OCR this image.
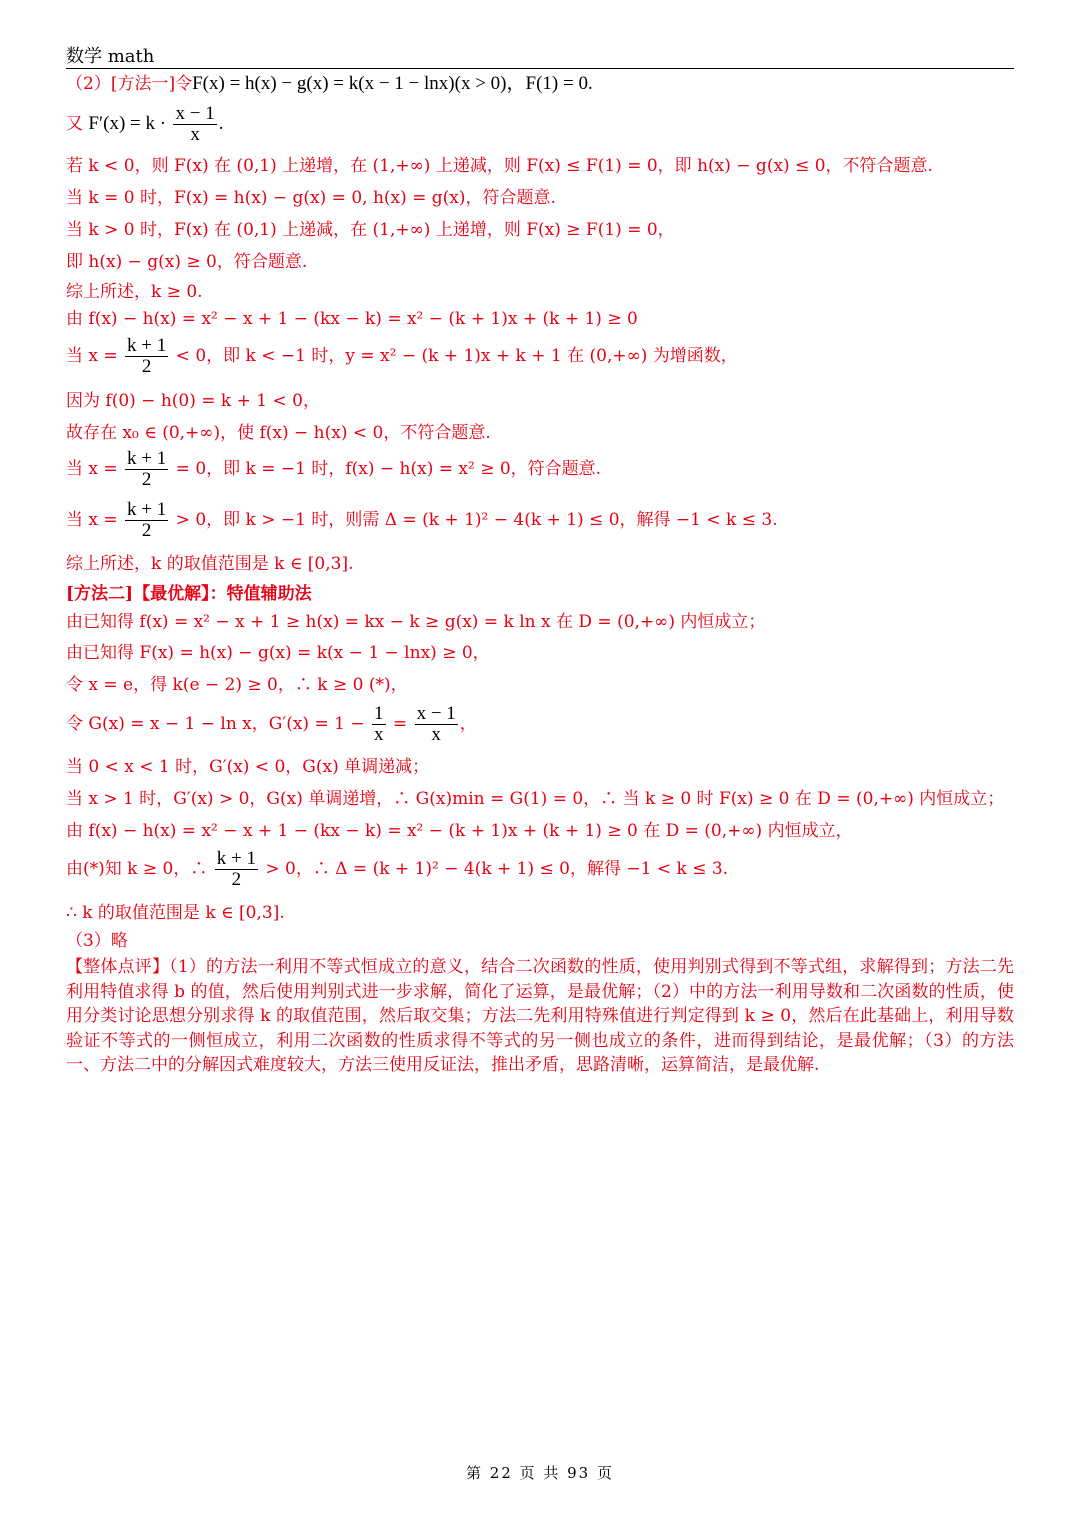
数学 math
（2）[方法一]令F(x) = h(x) − g(x) = k(x − 1 − lnx)(x > 0)，F(1) = 0.
又 $F'(x) = k \cdot \frac{x - 1}{x}$ .
若 k < 0，则 F(x) 在 (0,1) 上递增，在 (1,+∞) 上递减，则 F(x) ≤ F(1) = 0，即 h(x) − g(x) ≤ 0，不符合题意.
当 k = 0 时，F(x) = h(x) − g(x) = 0, h(x) = g(x)，符合题意.
当 k > 0 时，F(x) 在 (0,1) 上递减，在 (1,+∞) 上递增，则 F(x) ≥ F(1) = 0，
即 h(x) − g(x) ≥ 0，符合题意.
综上所述，k ≥ 0.
由 f(x) − h(x) = x² − x + 1 − (kx − k) = x² − (k + 1)x + (k + 1) ≥ 0
当 $x = \frac{k + 1}{2} < 0$，即 k < −1 时，y = x² − (k + 1)x + k + 1 在 (0,+∞) 为增函数，
因为 f(0) − h(0) = k + 1 < 0，
故存在 x₀ ∈ (0,+∞)，使 f(x) − h(x) < 0，不符合题意.
当 $x = \frac{k + 1}{2} = 0$，即 k = −1 时，f(x) − h(x) = x² ≥ 0，符合题意.
当 $x = \frac{k + 1}{2} > 0$，即 k > −1 时，则需 Δ = (k + 1)² − 4(k + 1) ≤ 0，解得 −1 < k ≤ 3.
综上所述，k 的取值范围是 k ∈ [0,3].
[方法二]【最优解】：特值辅助法
由已知得 f(x) = x² − x + 1 ≥ h(x) = kx − k ≥ g(x) = k ln x 在 D = (0,+∞) 内恒成立；
由已知得 F(x) = h(x) − g(x) = k(x − 1 − lnx) ≥ 0，
令 x = e，得 k(e − 2) ≥ 0，∴ k ≥ 0 (*)，
令 G(x) = x − 1 − ln x，$G'(x) = 1 - \frac{1}{x} = \frac{x - 1}{x}$ ，
当 0 < x < 1 时，G′(x) < 0，G(x) 单调递减；
当 x > 1 时，G′(x) > 0，G(x) 单调递增，∴ G(x)min = G(1) = 0，∴ 当 k ≥ 0 时 F(x) ≥ 0 在 D = (0,+∞) 内恒成立；
由 f(x) − h(x) = x² − x + 1 − (kx − k) = x² − (k + 1)x + (k + 1) ≥ 0 在 D = (0,+∞) 内恒成立，
由(*)知 k ≥ 0，∴ $\frac{k + 1}{2} > 0$，∴ Δ = (k + 1)² − 4(k + 1) ≤ 0，解得 −1 < k ≤ 3.
∴ k 的取值范围是 k ∈ [0,3].
（3）略
【整体点评】（1）的方法一利用不等式恒成立的意义，结合二次函数的性质，使用判别式得到不等式组，求解得到；方法二先利用特值求得 b 的值，然后使用判别式进一步求解，简化了运算，是最优解；（2）中的方法一利用导数和二次函数的性质，使用分类讨论思想分别求得 k 的取值范围，然后取交集；方法二先利用特殊值进行判定得到 k ≥ 0，然后在此基础上，利用导数验证不等式的一侧恒成立，利用二次函数的性质求得不等式的另一侧也成立的条件，进而得到结论，是最优解；（3）的方法一、方法二中的分解因式难度较大，方法三使用反证法，推出矛盾，思路清晰，运算简洁，是最优解.
第 22 页 共 93 页
